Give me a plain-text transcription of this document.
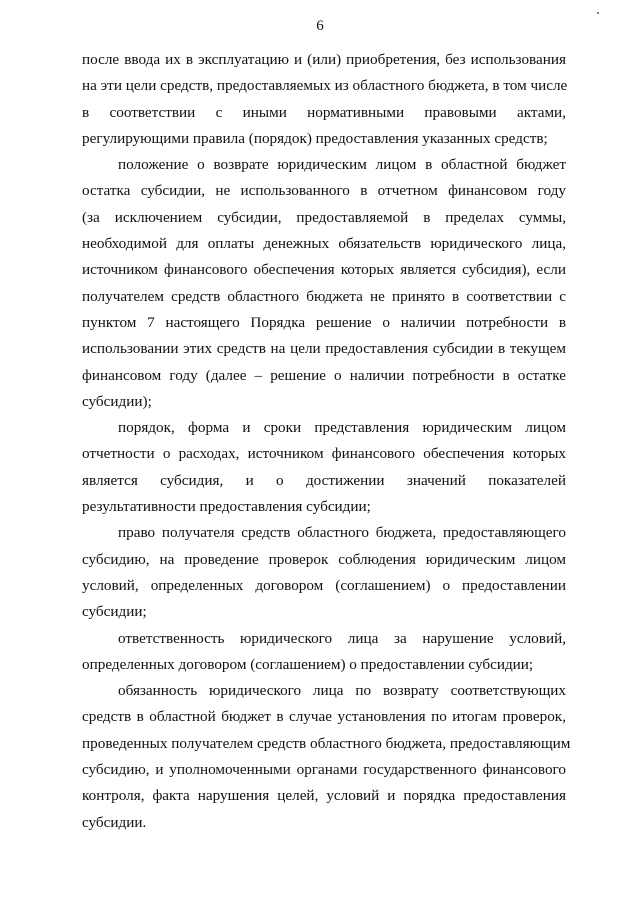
6
после ввода их в эксплуатацию и (или) приобретения, без использования
на эти цели средств, предоставляемых из областного бюджета, в том числе
в соответствии с иными нормативными правовыми актами,
регулирующими правила (порядок) предоставления указанных средств;
положение о возврате юридическим лицом в областной бюджет
остатка субсидии, не использованного в отчетном финансовом году
(за исключением субсидии, предоставляемой в пределах суммы,
необходимой для оплаты денежных обязательств юридического лица,
источником финансового обеспечения которых является субсидия), если
получателем средств областного бюджета не принято в соответствии с
пунктом 7 настоящего Порядка решение о наличии потребности в
использовании этих средств на цели предоставления субсидии в текущем
финансовом году (далее – решение о наличии потребности в остатке
субсидии);
порядок, форма и сроки представления юридическим лицом
отчетности о расходах, источником финансового обеспечения которых
является субсидия, и о достижении значений показателей
результативности предоставления субсидии;
право получателя средств областного бюджета, предоставляющего
субсидию, на проведение проверок соблюдения юридическим лицом
условий, определенных договором (соглашением) о предоставлении
субсидии;
ответственность юридического лица за нарушение условий,
определенных договором (соглашением) о предоставлении субсидии;
обязанность юридического лица по возврату соответствующих
средств в областной бюджет в случае установления по итогам проверок,
проведенных получателем средств областного бюджета, предоставляющим
субсидию, и уполномоченными органами государственного финансового
контроля, факта нарушения целей, условий и порядка предоставления
субсидии.
